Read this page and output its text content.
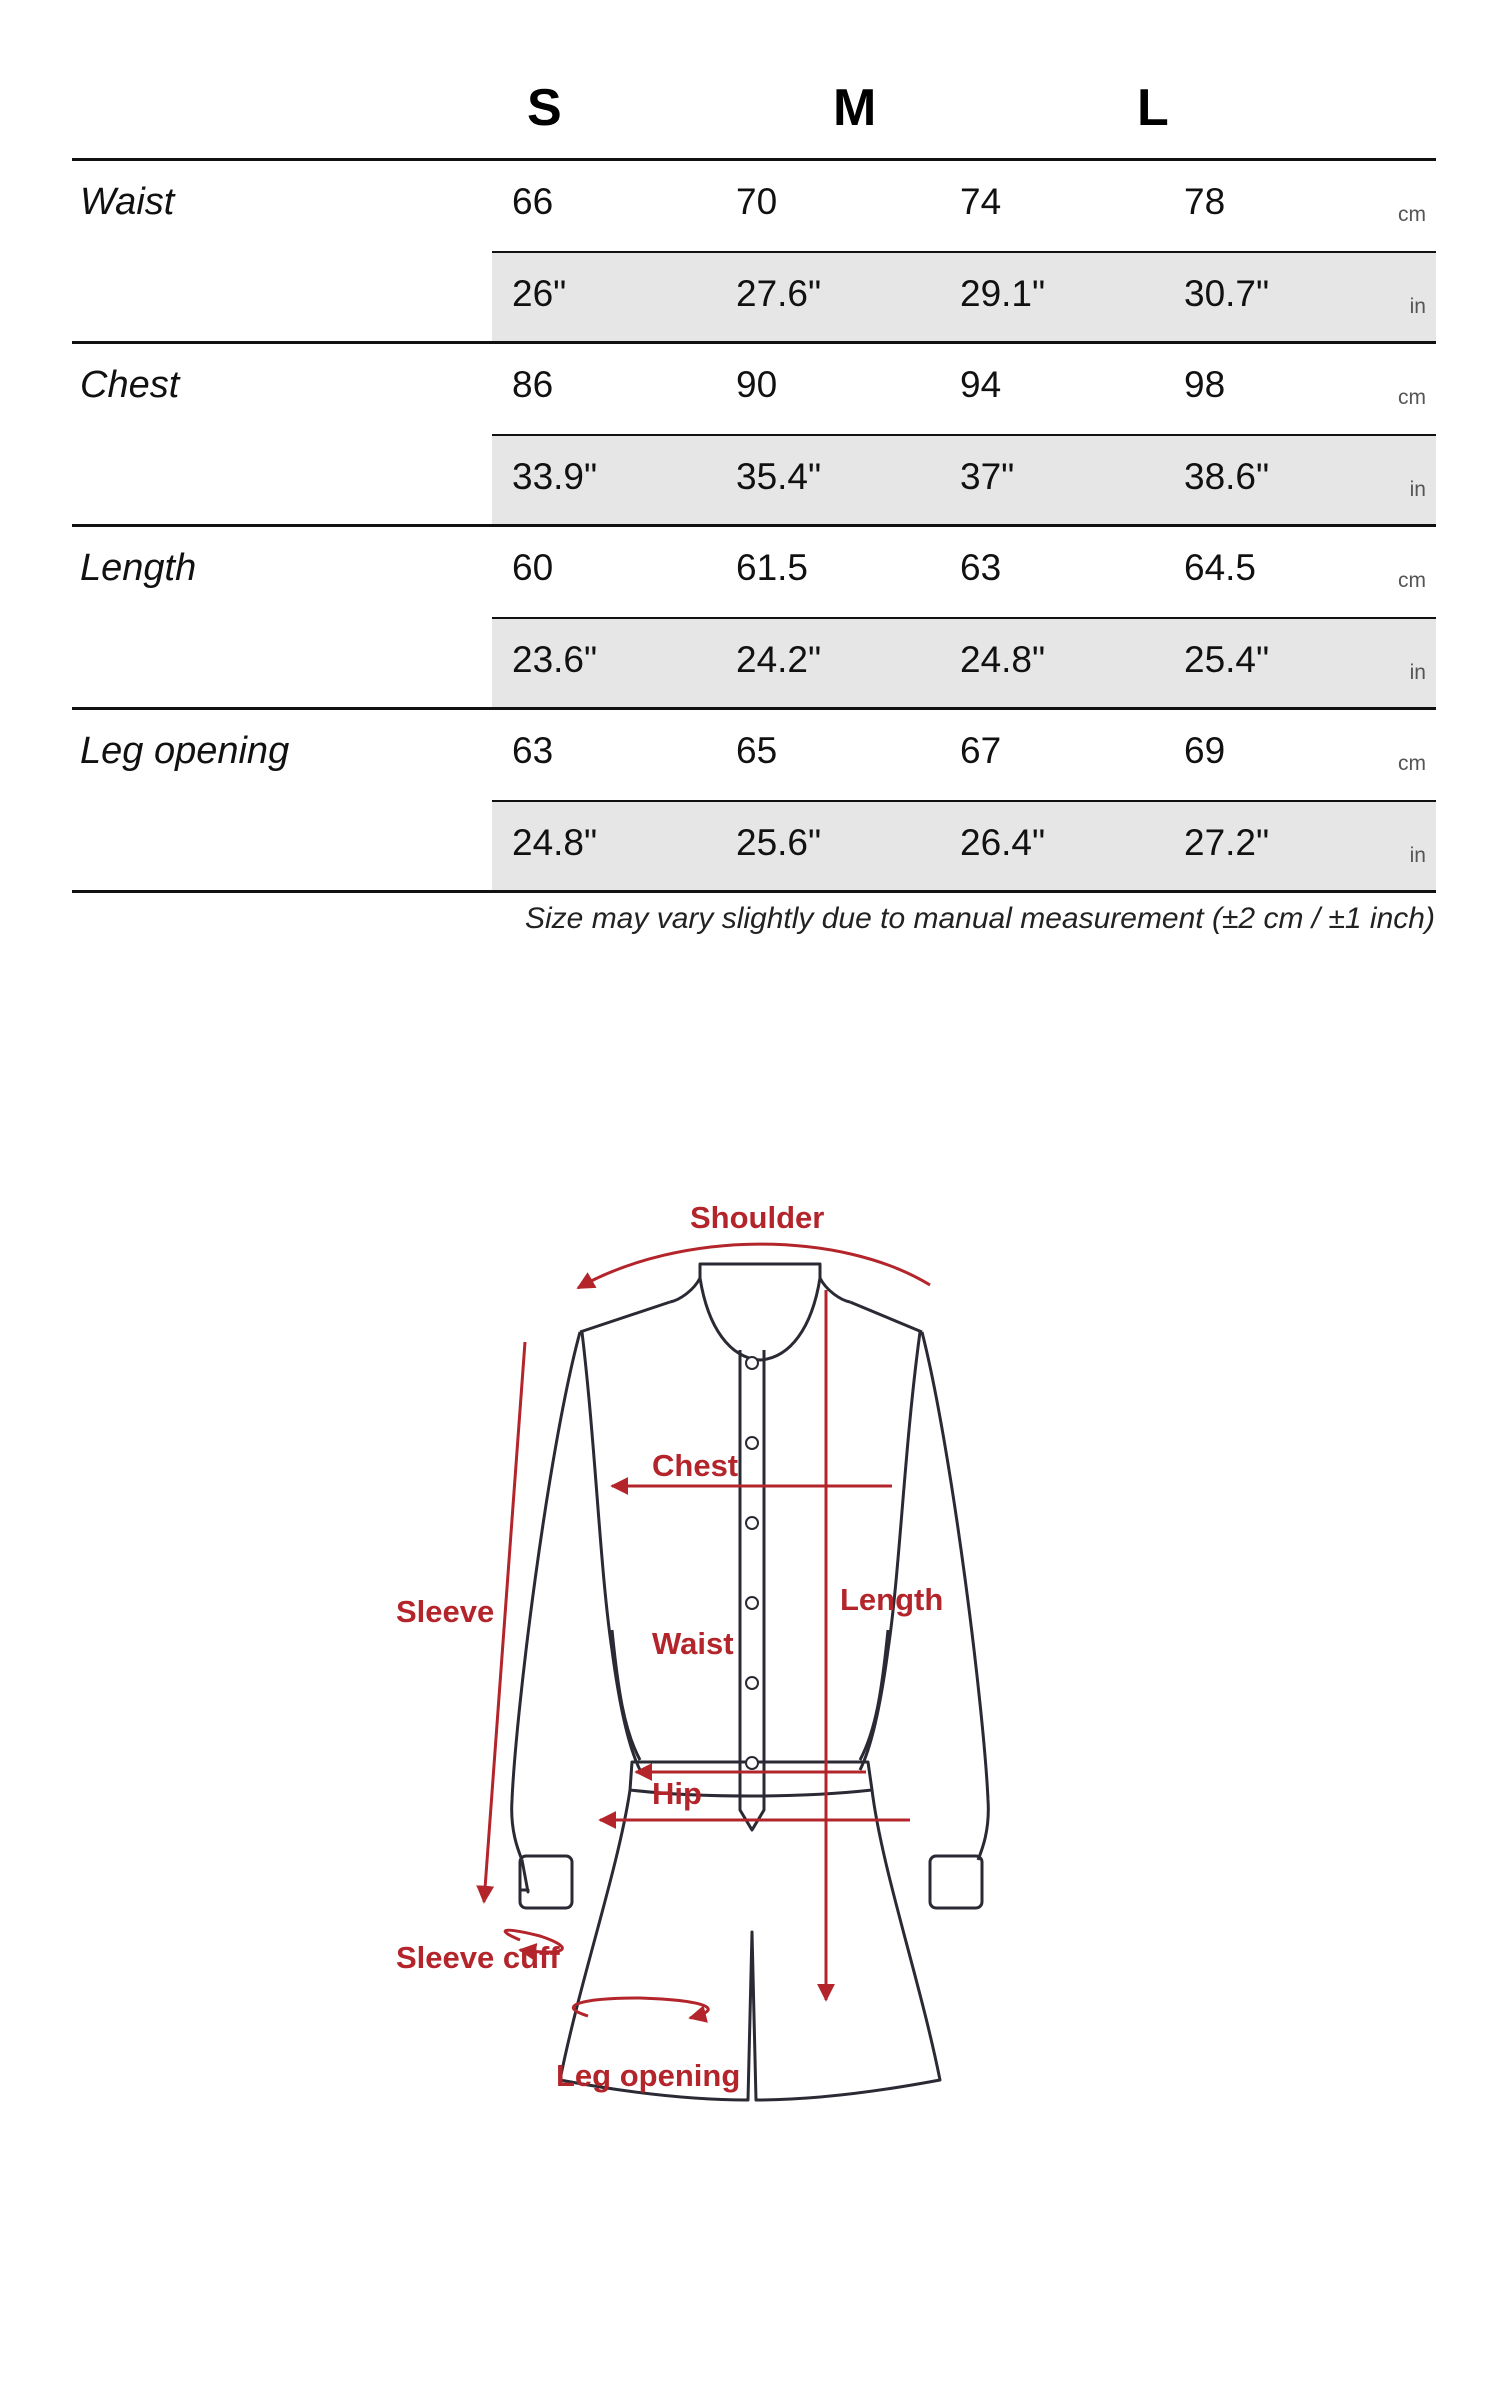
S	M	L
Waist	66	70	74	78	cm
26"	27.6"	29.1"	30.7"	in
Chest	86	90	94	98	cm
33.9"	35.4"	37"	38.6"	in
Length	60	61.5	63	64.5	cm
23.6"	24.2"	24.8"	25.4"	in
Leg opening	63	65	67	69	cm
24.8"	25.6"	26.4"	27.2"	in
Size may vary slightly due to manual measurement (±2 cm / ±1 inch)
Shoulder
Chest
Sleeve	Length
Waist
Hip
Sleeve cuff
Leg opening
